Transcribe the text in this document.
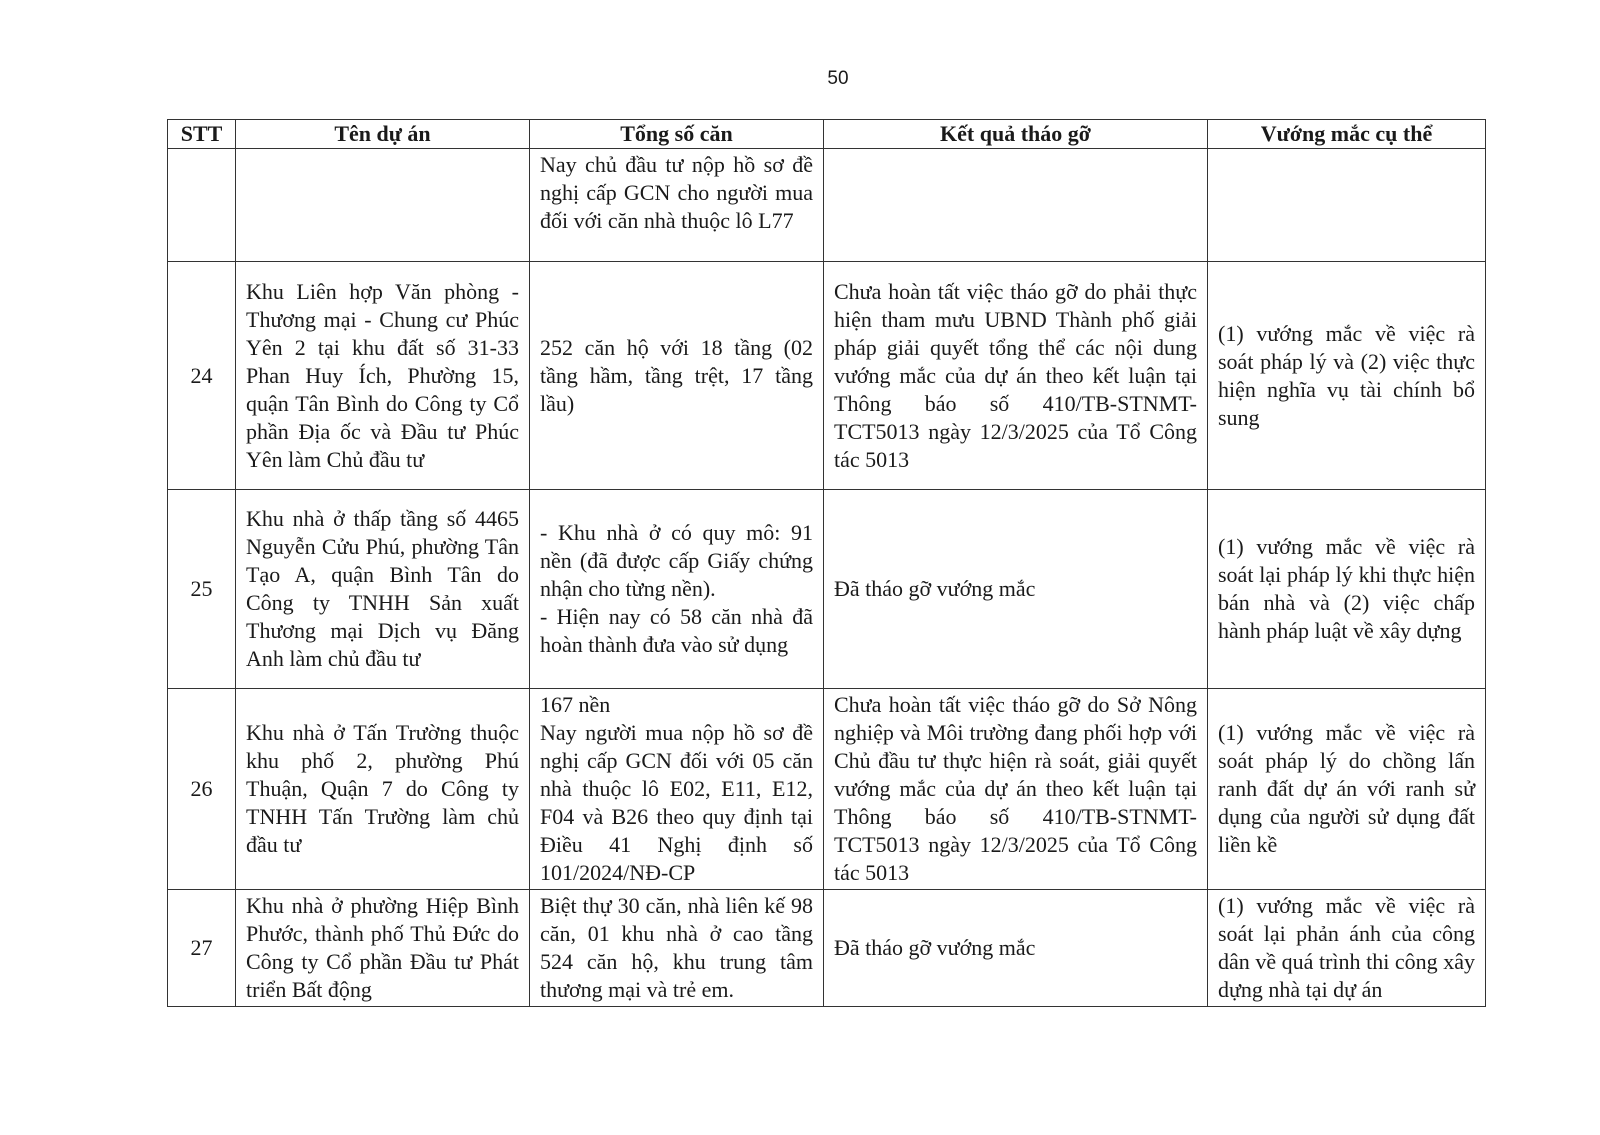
50
STT	Tên dự án	Tổng số căn	Kết quả tháo gỡ	Vướng mắc cụ thể
		Nay chủ đầu tư nộp hồ sơ đề nghị cấp GCN cho người mua đối với căn nhà thuộc lô L77		
24	Khu Liên hợp Văn phòng - Thương mại - Chung cư Phúc Yên 2 tại khu đất số 31-33 Phan Huy Ích, Phường 15, quận Tân Bình do Công ty Cổ phần Địa ốc và Đầu tư Phúc Yên làm Chủ đầu tư	252 căn hộ với 18 tầng (02 tầng hầm, tầng trệt, 17 tầng lầu)	Chưa hoàn tất việc tháo gỡ do phải thực hiện tham mưu UBND Thành phố giải pháp giải quyết tổng thể các nội dung vướng mắc của dự án theo kết luận tại Thông báo số 410/TB-STNMT-TCT5013 ngày 12/3/2025 của Tổ Công tác 5013	(1) vướng mắc về việc rà soát pháp lý và (2) việc thực hiện nghĩa vụ tài chính bổ sung
25	Khu nhà ở thấp tầng số 4465 Nguyễn Cửu Phú, phường Tân Tạo A, quận Bình Tân do Công ty TNHH Sản xuất Thương mại Dịch vụ Đăng Anh làm chủ đầu tư	- Khu nhà ở có quy mô: 91 nền (đã được cấp Giấy chứng nhận cho từng nền).
- Hiện nay có 58 căn nhà đã hoàn thành đưa vào sử dụng	Đã tháo gỡ vướng mắc	(1) vướng mắc về việc rà soát lại pháp lý khi thực hiện bán nhà và (2) việc chấp hành pháp luật về xây dựng
26	Khu nhà ở Tấn Trường thuộc khu phố 2, phường Phú Thuận, Quận 7 do Công ty TNHH Tấn Trường làm chủ đầu tư	167 nền
Nay người mua nộp hồ sơ đề nghị cấp GCN đối với 05 căn nhà thuộc lô E02, E11, E12, F04 và B26 theo quy định tại Điều 41 Nghị định số 101/2024/NĐ-CP	Chưa hoàn tất việc tháo gỡ do Sở Nông nghiệp và Môi trường đang phối hợp với Chủ đầu tư thực hiện rà soát, giải quyết vướng mắc của dự án theo kết luận tại Thông báo số 410/TB-STNMT-TCT5013 ngày 12/3/2025 của Tổ Công tác 5013	(1) vướng mắc về việc rà soát pháp lý do chồng lấn ranh đất dự án với ranh sử dụng của người sử dụng đất liền kề
27	Khu nhà ở phường Hiệp Bình Phước, thành phố Thủ Đức do Công ty Cổ phần Đầu tư Phát triển Bất động	Biệt thự 30 căn, nhà liên kế 98 căn, 01 khu nhà ở cao tầng 524 căn hộ, khu trung tâm thương mại và trẻ em.	Đã tháo gỡ vướng mắc	(1) vướng mắc về việc rà soát lại phản ánh của công dân về quá trình thi công xây dựng nhà tại dự án
